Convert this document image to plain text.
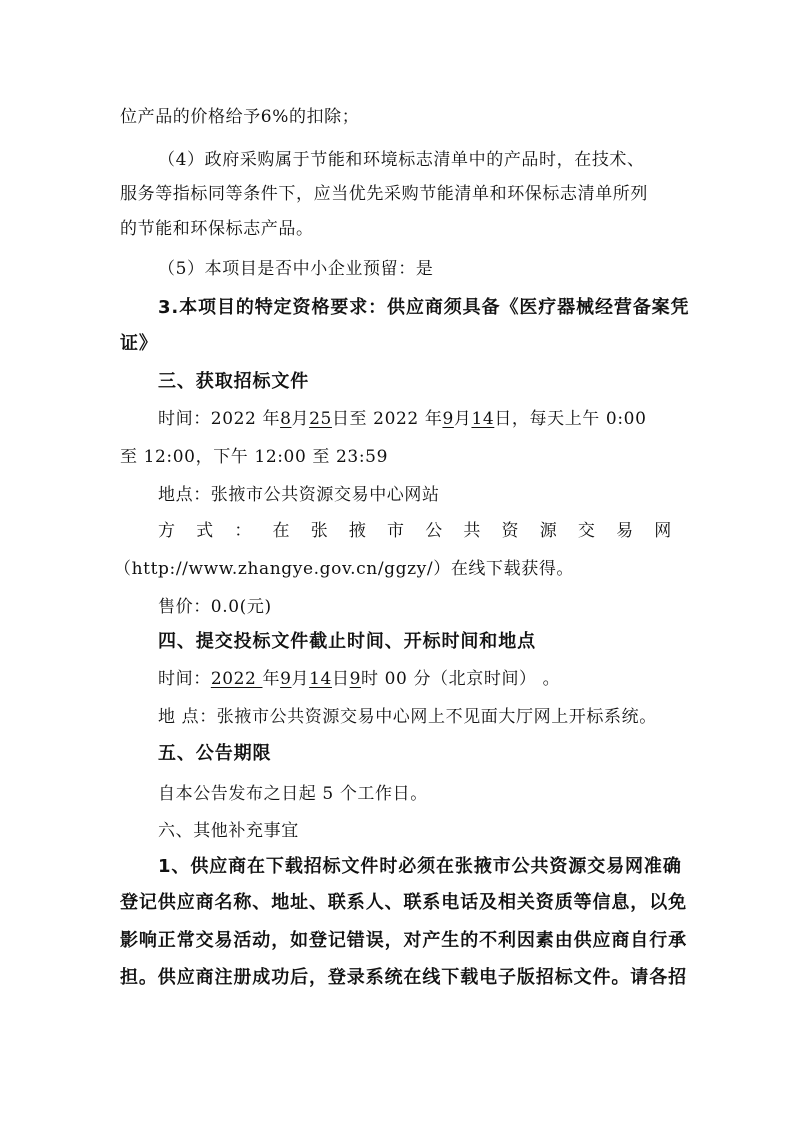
位产品的价格给予6%的扣除；
（4）政府采购属于节能和环境标志清单中的产品时，在技术、
服务等指标同等条件下，应当优先采购节能清单和环保标志清单所列
的节能和环保标志产品。
（5）本项目是否中小企业预留：是
3.本项目的特定资格要求：供应商须具备《医疗器械经营备案凭
证》
三、获取招标文件
时间：2022 年8月25日至 2022 年9月14日，每天上午 0:00
至 12:00，下午 12:00 至 23:59
地点：张掖市公共资源交易中心网站
方 式 ： 在 张 掖 市 公 共 资 源 交 易 网
（http://www.zhangye.gov.cn/ggzy/）在线下载获得。
售价：0.0(元)
四、提交投标文件截止时间、开标时间和地点
时间：2022 年9月14日9时 00 分（北京时间） 。
地 点：张掖市公共资源交易中心网上不见面大厅网上开标系统。
五、公告期限
自本公告发布之日起 5 个工作日。
六、其他补充事宜
1、供应商在下载招标文件时必须在张掖市公共资源交易网准确
登记供应商名称、地址、联系人、联系电话及相关资质等信息，以免
影响正常交易活动，如登记错误，对产生的不利因素由供应商自行承
担。供应商注册成功后，登录系统在线下载电子版招标文件。请各招
